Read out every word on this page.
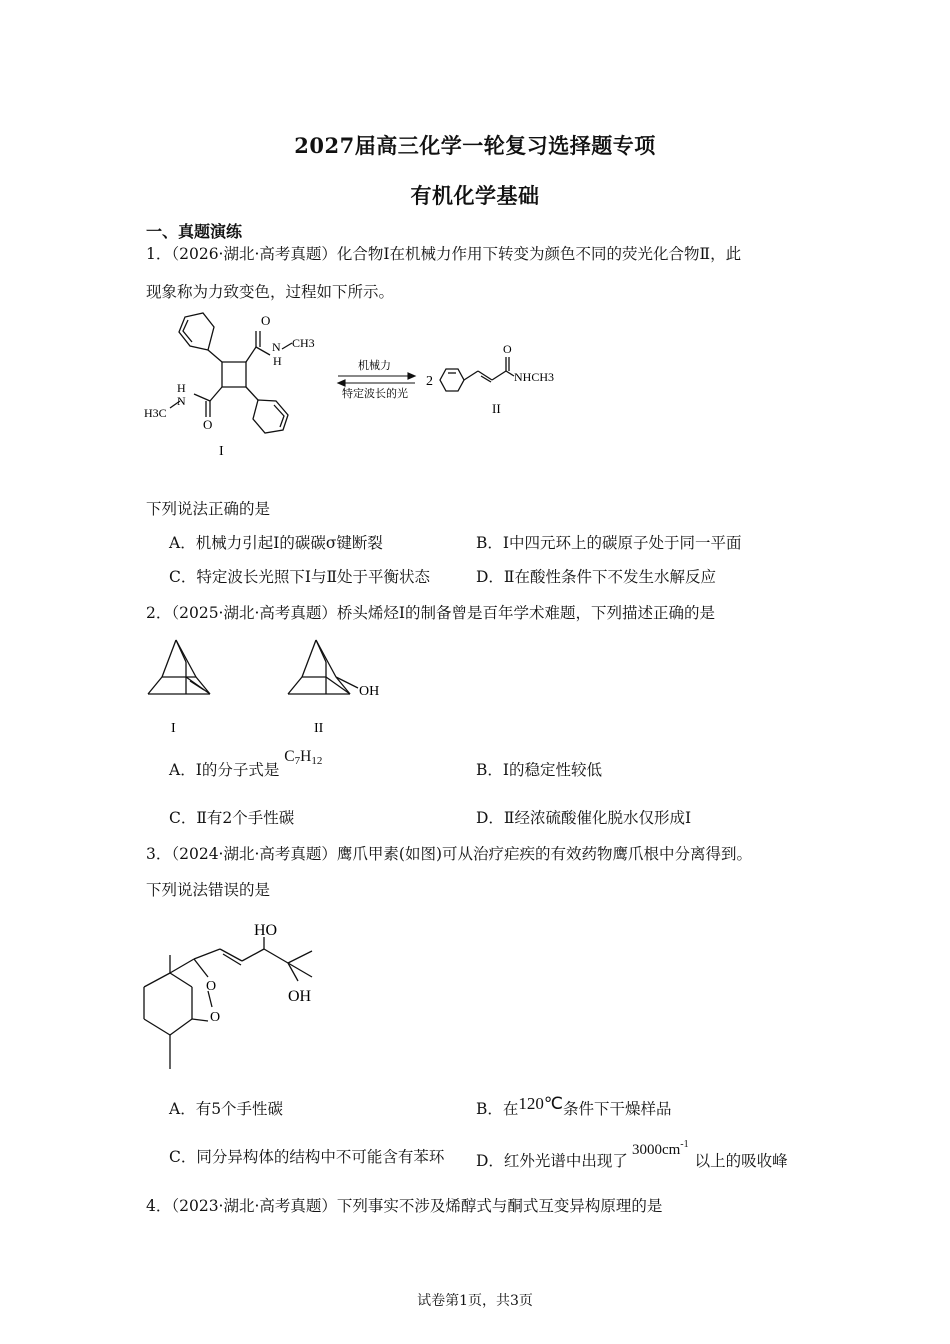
2027届高三化学一轮复习选择题专项
有机化学基础
一、真题演练
1．（2026·湖北·高考真题）化合物Ⅰ在机械力作用下转变为颜色不同的荧光化合物Ⅱ，此
现象称为力致变色，过程如下所示。
O
N
H
CH3
H
N
H3C
O
I
机械力
特定波长的光
2
O
NHCH3
II
下列说法正确的是
A．机械力引起Ⅰ的碳碳σ键断裂	B．Ⅰ中四元环上的碳原子处于同一平面
C．特定波长光照下Ⅰ与Ⅱ处于平衡状态	D．Ⅱ在酸性条件下不发生水解反应
2．（2025·湖北·高考真题）桥头烯烃Ⅰ的制备曾是百年学术难题，下列描述正确的是
OH
I	II
A．Ⅰ的分子式是 $C_7H_{12}$	B．Ⅰ的稳定性较低
C．Ⅱ有2个手性碳	D．Ⅱ经浓硫酸催化脱水仅形成Ⅰ
3．（2024·湖北·高考真题）鹰爪甲素(如图)可从治疗疟疾的有效药物鹰爪根中分离得到。
下列说法错误的是
HO
OH
O
O
A．有5个手性碳	B．在120℃条件下干燥样品
C．同分异构体的结构中不可能含有苯环 D．红外光谱中出现了$3000cm^{-1}$以上的吸收峰
4．（2023·湖北·高考真题）下列事实不涉及烯醇式与酮式互变异构原理的是
试卷第1页，共3页
